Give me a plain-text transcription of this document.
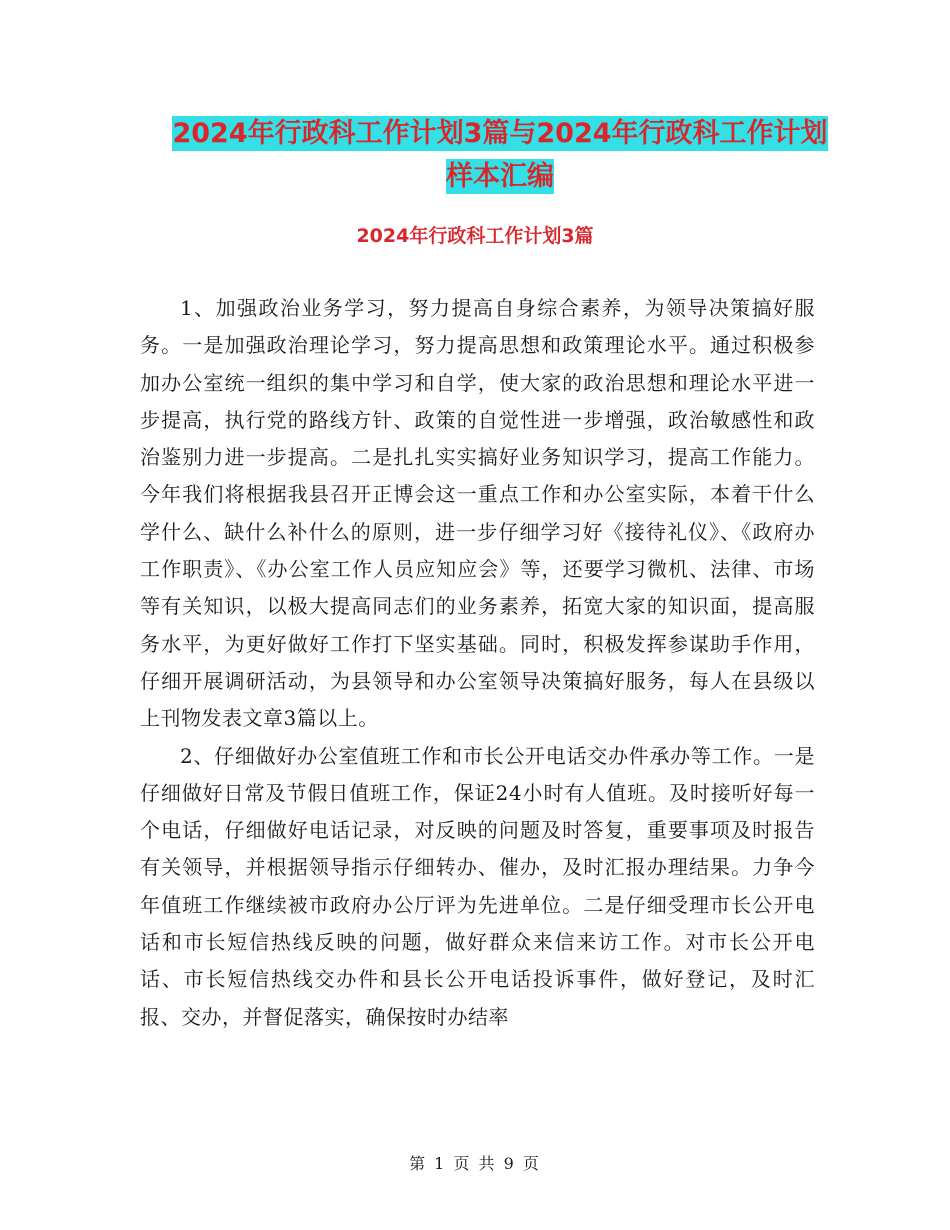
2024年行政科工作计划3篇与2024年行政科工作计划
样本汇编
2024年行政科工作计划3篇

1、加强政治业务学习，努力提高自身综合素养，为领导决策搞好服务。一是加强政治理论学习，努力提高思想和政策理论水平。通过积极参加办公室统一组织的集中学习和自学，使大家的政治思想和理论水平进一步提高，执行党的路线方针、政策的自觉性进一步增强，政治敏感性和政治鉴别力进一步提高。二是扎扎实实搞好业务知识学习，提高工作能力。今年我们将根据我县召开正博会这一重点工作和办公室实际，本着干什么学什么、缺什么补什么的原则，进一步仔细学习好《接待礼仪》、《政府办工作职责》、《办公室工作人员应知应会》等，还要学习微机、法律、市场等有关知识，以极大提高同志们的业务素养，拓宽大家的知识面，提高服务水平，为更好做好工作打下坚实基础。同时，积极发挥参谋助手作用，仔细开展调研活动，为县领导和办公室领导决策搞好服务，每人在县级以上刊物发表文章3篇以上。

2、仔细做好办公室值班工作和市长公开电话交办件承办等工作。一是仔细做好日常及节假日值班工作，保证24小时有人值班。及时接听好每一个电话，仔细做好电话记录，对反映的问题及时答复，重要事项及时报告有关领导，并根据领导指示仔细转办、催办，及时汇报办理结果。力争今年值班工作继续被市政府办公厅评为先进单位。二是仔细受理市长公开电话和市长短信热线反映的问题，做好群众来信来访工作。对市长公开电话、市长短信热线交办件和县长公开电话投诉事件，做好登记，及时汇报、交办，并督促落实，确保按时办结率

第 1 页 共 9 页
